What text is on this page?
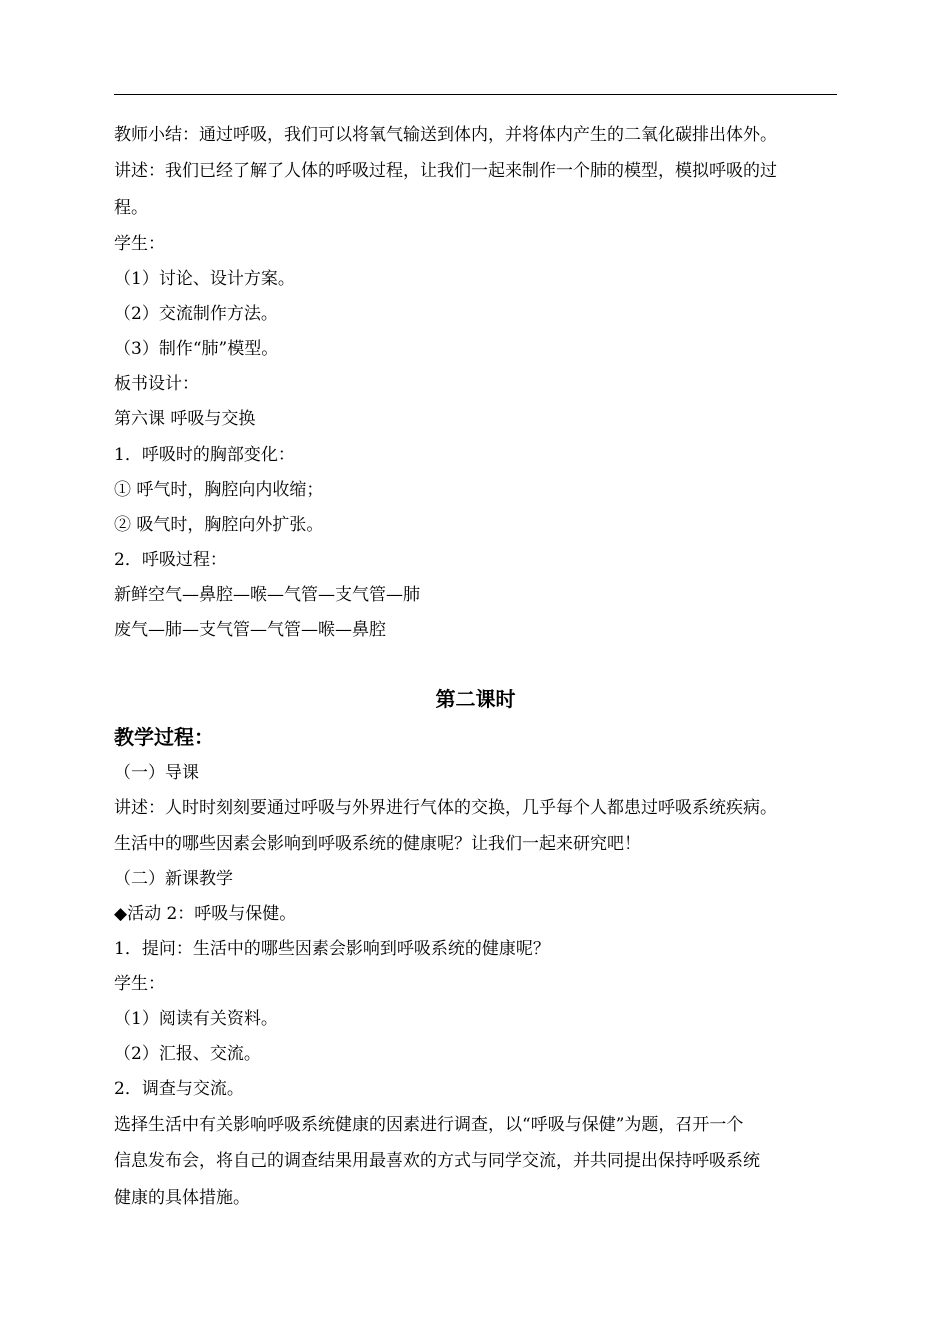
教师小结：通过呼吸，我们可以将氧气输送到体内，并将体内产生的二氧化碳排出体外。
讲述：我们已经了解了人体的呼吸过程，让我们一起来制作一个肺的模型，模拟呼吸的过
程。
学生：
（1）讨论、设计方案。
（2）交流制作方法。
（3）制作“肺”模型。
板书设计：
第六课 呼吸与交换
1．呼吸时的胸部变化：
① 呼气时，胸腔向内收缩；
② 吸气时，胸腔向外扩张。
2．呼吸过程：
新鲜空气—鼻腔—喉—气管—支气管—肺
废气—肺—支气管—气管—喉—鼻腔
第二课时
教学过程：
（一）导课
讲述：人时时刻刻要通过呼吸与外界进行气体的交换，几乎每个人都患过呼吸系统疾病。
生活中的哪些因素会影响到呼吸系统的健康呢？让我们一起来研究吧！
（二）新课教学
◆活动 2：呼吸与保健。
1．提问：生活中的哪些因素会影响到呼吸系统的健康呢？
学生：
（1）阅读有关资料。
（2）汇报、交流。
2．调查与交流。
选择生活中有关影响呼吸系统健康的因素进行调查，以“呼吸与保健”为题，召开一个
信息发布会，将自己的调查结果用最喜欢的方式与同学交流，并共同提出保持呼吸系统
健康的具体措施。
